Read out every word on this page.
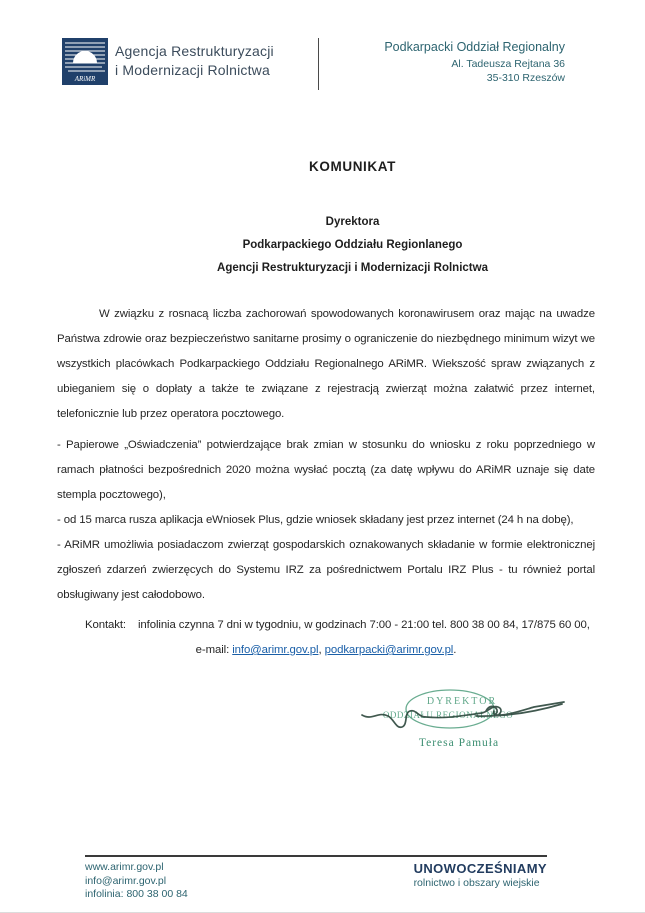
ARiMR
Agencja Restrukturyzacji
i Modernizacji Rolnictwa
Podkarpacki Oddział Regionalny
Al. Tadeusza Rejtana 36
35-310 Rzeszów
KOMUNIKAT
Dyrektora
Podkarpackiego Oddziału Regionlanego
Agencji Restrukturyzacji i Modernizacji Rolnictwa

W związku z rosnacą liczba zachorowań spowodowanych koronawirusem oraz mając na uwadze Państwa zdrowie oraz bezpieczeństwo sanitarne prosimy o ograniczenie do niezbędnego minimum wizyt we wszystkich placówkach Podkarpackiego Oddziału Regionalnego ARiMR. Wiekszość spraw związanych z ubieganiem się o dopłaty a także te związane z rejestracją zwierząt można załatwić przez internet, telefonicznie lub przez operatora pocztowego.

- Papierowe „Oświadczenia” potwierdzające brak zmian w stosunku do wniosku z roku poprzedniego w ramach płatności bezpośrednich 2020 można wysłać pocztą (za datę wpływu do ARiMR uznaje się date stempla pocztowego),

- od 15 marca rusza aplikacja eWniosek Plus, gdzie wniosek składany jest przez internet (24 h na dobę),

- ARiMR umożliwia posiadaczom zwierząt gospodarskich oznakowanych składanie w formie elektronicznej zgłoszeń zdarzeń zwierzęcych do Systemu IRZ za pośrednictwem Portalu IRZ Plus - tu również portal obsługiwany jest całodobowo.

Kontakt: infolinia czynna 7 dni w tygodniu, w godzinach 7:00 - 21:00 tel. 800 38 00 84, 17/875 60 00,

e-mail: info@arimr.gov.pl, podkarpacki@arimr.gov.pl.

DYREKTOR
ODDZIAŁU REGIONALNEGO
Teresa Pamuła
www.arimr.gov.pl
info@arimr.gov.pl
infolinia: 800 38 00 84
UNOWOCZEŚNIAMY
rolnictwo i obszary wiejskie
